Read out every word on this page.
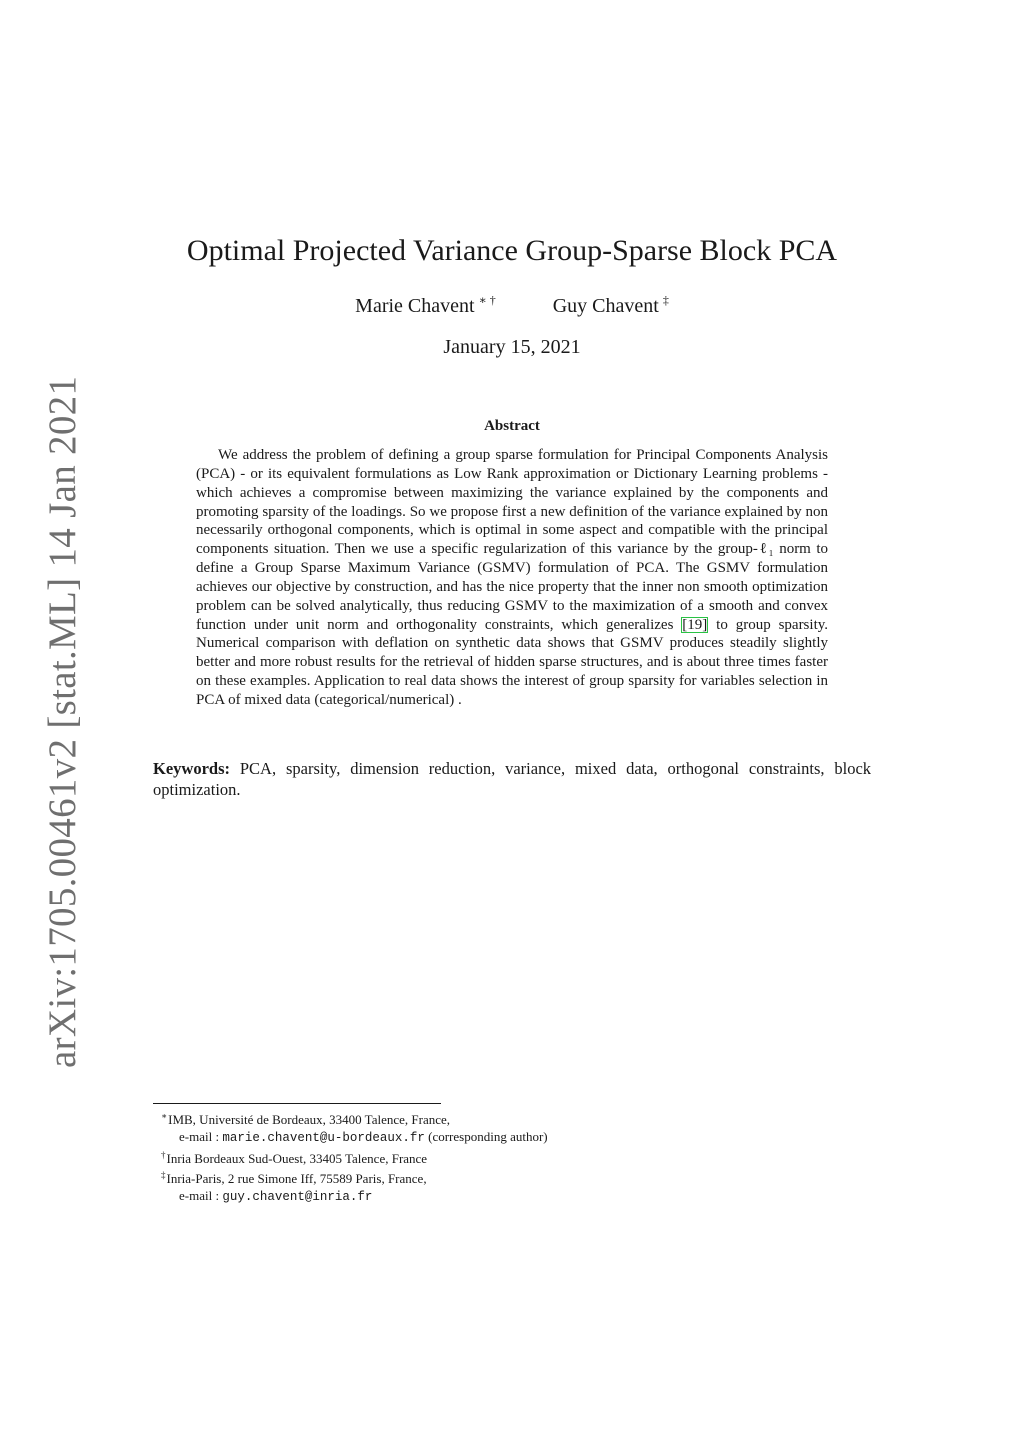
arXiv:1705.00461v2 [stat.ML] 14 Jan 2021
Optimal Projected Variance Group-Sparse Block PCA
Marie Chavent ∗ †	Guy Chavent ‡
January 15, 2021
Abstract

We address the problem of defining a group sparse formulation for Principal Components Analysis (PCA) - or its equivalent formulations as Low Rank approximation or Dictionary Learning problems - which achieves a compromise between maximizing the variance explained by the components and promoting sparsity of the loadings. So we propose first a new definition of the variance explained by non necessarily orthogonal components, which is optimal in some aspect and compatible with the principal components situation. Then we use a specific regularization of this variance by the group-ℓ₁ norm to define a Group Sparse Maximum Variance (GSMV) formulation of PCA. The GSMV formulation achieves our objective by construction, and has the nice property that the inner non smooth optimization problem can be solved analytically, thus reducing GSMV to the maximization of a smooth and convex function under unit norm and orthogonality constraints, which generalizes [19] to group sparsity. Numerical comparison with deflation on synthetic data shows that GSMV produces steadily slightly better and more robust results for the retrieval of hidden sparse structures, and is about three times faster on these examples. Application to real data shows the interest of group sparsity for variables selection in PCA of mixed data (categorical/numerical) .

Keywords: PCA, sparsity, dimension reduction, variance, mixed data, orthogonal constraints, block optimization.

∗IMB, Université de Bordeaux, 33400 Talence, France,
e-mail : marie.chavent@u-bordeaux.fr (corresponding author)
†Inria Bordeaux Sud-Ouest, 33405 Talence, France
‡Inria-Paris, 2 rue Simone Iff, 75589 Paris, France,
e-mail : guy.chavent@inria.fr
